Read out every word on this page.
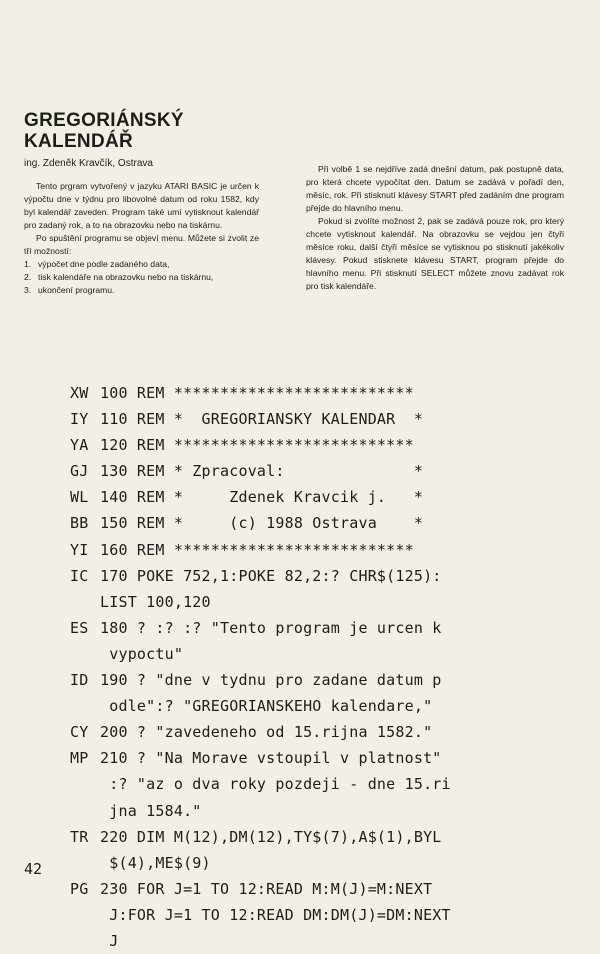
GREGORIÁNSKÝ
KALENDÁŘ
ing. Zdeněk Kravčík, Ostrava

Tento prgram vytvořený v jazyku ATARI BASIC je určen k výpočtu dne v týdnu pro libovolné datum od roku 1582, kdy byl kalendář zaveden. Program také umí vytisknout kalendář pro zadaný rok, a to na obrazovku nebo na tiskárnu.

Po spuštění programu se objeví menu. Můžete si zvolit ze tří možností:

1. výpočet dne podle zadaného data,
2. tisk kalendáře na obrazovku nebo na tiskárnu,
3. ukončení programu.

Při volbě 1 se nejdříve zadá dnešní datum, pak postupně data, pro která chcete vypočítat den. Datum se zadává v pořadí den, měsíc, rok. Při stisknutí klávesy START před zadáním dne program přejde do hlavního menu.

Pokud si zvolíte možnost 2, pak se zadává pouze rok, pro který chcete vytisknout kalendář. Na obrazovku se vejdou jen čtyři měsíce roku, další čtyři měsíce se vytisknou po stisknutí jakékoliv klávesy. Pokud stisknete klávesu START, program přejde do hlavního menu. Při stisknutí SELECT můžete znovu zadávat rok pro tisk kalendáře.

XW 100 REM **************************
IY 110 REM *  GREGORIANSKY KALENDAR  *
YA 120 REM **************************
GJ 130 REM * Zpracoval:              *
WL 140 REM *     Zdenek Kravcik j.   *
BB 150 REM *     (c) 1988 Ostrava    *
YI 160 REM **************************
IC 170 POKE 752,1:POKE 82,2:? CHR$(125):
LIST 100,120
ES 180 ? :? :? "Tento program je urcen k
vypoctu"
ID 190 ? "dne v tydnu pro zadane datum p
odle":? "GREGORIANSKEHO kalendare,"
CY 200 ? "zavedeneho od 15.rijna 1582."
MP 210 ? "Na Morave vstoupil v platnost"
:? "az o dva roky pozdeji - dne 15.ri
jna 1584."
TR 220 DIM M(12),DM(12),TY$(7),A$(1),BYL
$(4),ME$(9)
PG 230 FOR J=1 TO 12:READ M:M(J)=M:NEXT
J:FOR J=1 TO 12:READ DM:DM(J)=DM:NEXT
J
42
